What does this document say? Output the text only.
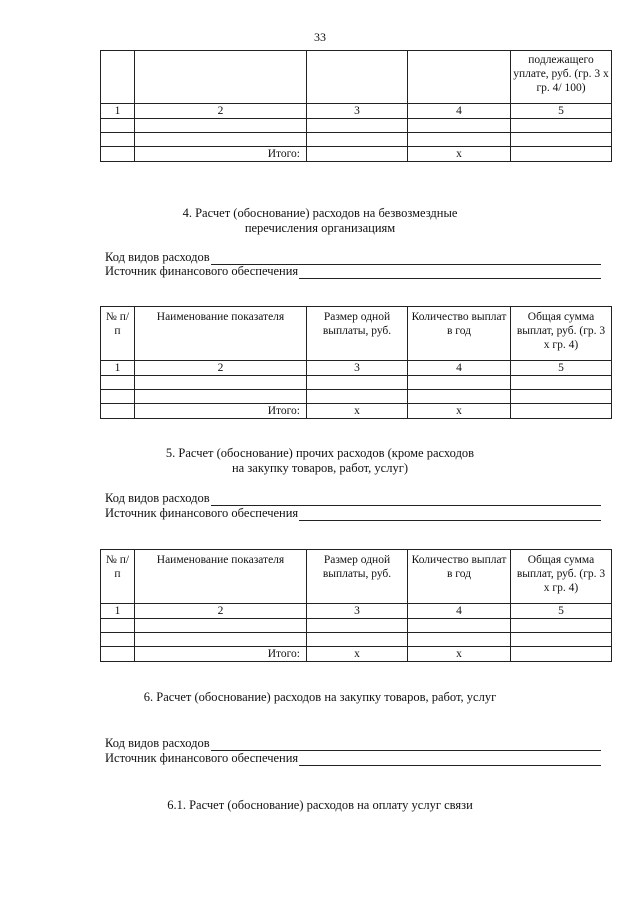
33
				подлежащего уплате, руб. (гр. 3 х гр. 4/ 100)
1	2	3	4	5

	Итого:		x	
4. Расчет (обоснование) расходов на безвозмездные
перечисления организациям
Код видов расходов
Источник финансового обеспечения
№ п/п	Наименование показателя	Размер одной выплаты, руб.	Количество выплат в год	Общая сумма выплат, руб. (гр. 3 х гр. 4)
1	2	3	4	5

	Итого:	x	x	
5. Расчет (обоснование) прочих расходов (кроме расходов
на закупку товаров, работ, услуг)
Код видов расходов
Источник финансового обеспечения
№ п/п	Наименование показателя	Размер одной выплаты, руб.	Количество выплат в год	Общая сумма выплат, руб. (гр. 3 х гр. 4)
1	2	3	4	5

	Итого:	x	x	
6. Расчет (обоснование) расходов на закупку товаров, работ, услуг
Код видов расходов
Источник финансового обеспечения
6.1. Расчет (обоснование) расходов на оплату услуг связи
